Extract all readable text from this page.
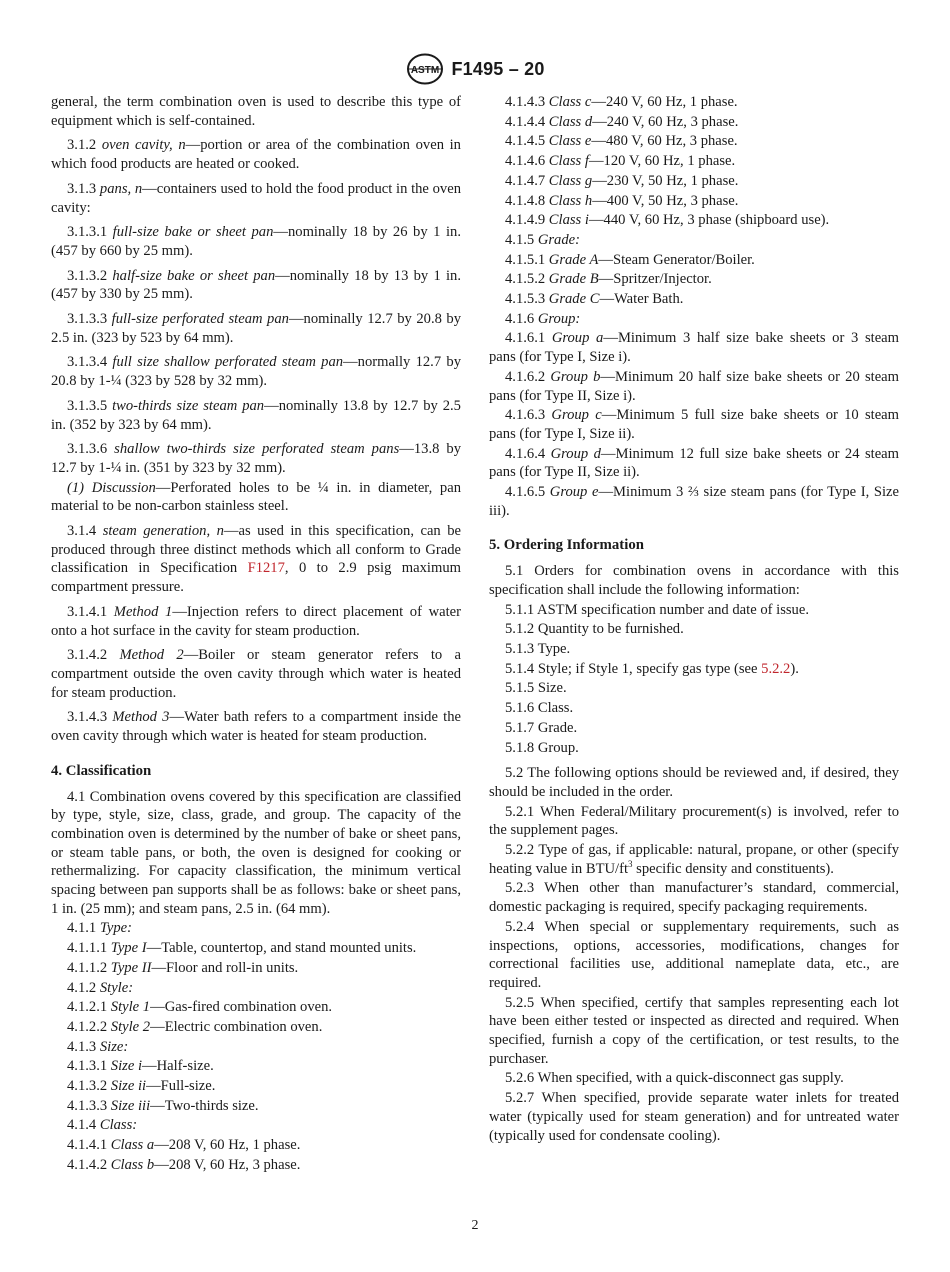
ASTM F1495 – 20

general, the term combination oven is used to describe this type of equipment which is self-contained.

3.1.2 oven cavity, n—portion or area of the combination oven in which food products are heated or cooked.

3.1.3 pans, n—containers used to hold the food product in the oven cavity:

3.1.3.1 full-size bake or sheet pan—nominally 18 by 26 by 1 in. (457 by 660 by 25 mm).

3.1.3.2 half-size bake or sheet pan—nominally 18 by 13 by 1 in. (457 by 330 by 25 mm).

3.1.3.3 full-size perforated steam pan—nominally 12.7 by 20.8 by 2.5 in. (323 by 523 by 64 mm).

3.1.3.4 full size shallow perforated steam pan—normally 12.7 by 20.8 by 1-¼ (323 by 528 by 32 mm).

3.1.3.5 two-thirds size steam pan—nominally 13.8 by 12.7 by 2.5 in. (352 by 323 by 64 mm).

3.1.3.6 shallow two-thirds size perforated steam pans—13.8 by 12.7 by 1-¼ in. (351 by 323 by 32 mm).

(1) Discussion—Perforated holes to be ¼ in. in diameter, pan material to be non-carbon stainless steel.

3.1.4 steam generation, n—as used in this specification, can be produced through three distinct methods which all conform to Grade classification in Specification F1217, 0 to 2.9 psig maximum compartment pressure.

3.1.4.1 Method 1—Injection refers to direct placement of water onto a hot surface in the cavity for steam production.

3.1.4.2 Method 2—Boiler or steam generator refers to a compartment outside the oven cavity through which water is heated for steam production.

3.1.4.3 Method 3—Water bath refers to a compartment inside the oven cavity through which water is heated for steam production.

4. Classification

4.1 Combination ovens covered by this specification are classified by type, style, size, class, grade, and group. The capacity of the combination oven is determined by the number of bake or sheet pans, or steam table pans, or both, the oven is designed for cooking or rethermalizing. For capacity classification, the minimum vertical spacing between pan supports shall be as follows: bake or sheet pans, 1 in. (25 mm); and steam pans, 2.5 in. (64 mm).

4.1.1 Type:
4.1.1.1 Type I—Table, countertop, and stand mounted units.
4.1.1.2 Type II—Floor and roll-in units.
4.1.2 Style:
4.1.2.1 Style 1—Gas-fired combination oven.
4.1.2.2 Style 2—Electric combination oven.
4.1.3 Size:
4.1.3.1 Size i—Half-size.
4.1.3.2 Size ii—Full-size.
4.1.3.3 Size iii—Two-thirds size.
4.1.4 Class:
4.1.4.1 Class a—208 V, 60 Hz, 1 phase.
4.1.4.2 Class b—208 V, 60 Hz, 3 phase.
4.1.4.3 Class c—240 V, 60 Hz, 1 phase.
4.1.4.4 Class d—240 V, 60 Hz, 3 phase.
4.1.4.5 Class e—480 V, 60 Hz, 3 phase.
4.1.4.6 Class f—120 V, 60 Hz, 1 phase.
4.1.4.7 Class g—230 V, 50 Hz, 1 phase.
4.1.4.8 Class h—400 V, 50 Hz, 3 phase.
4.1.4.9 Class i—440 V, 60 Hz, 3 phase (shipboard use).
4.1.5 Grade:
4.1.5.1 Grade A—Steam Generator/Boiler.
4.1.5.2 Grade B—Spritzer/Injector.
4.1.5.3 Grade C—Water Bath.
4.1.6 Group:

4.1.6.1 Group a—Minimum 3 half size bake sheets or 3 steam pans (for Type I, Size i).

4.1.6.2 Group b—Minimum 20 half size bake sheets or 20 steam pans (for Type II, Size i).

4.1.6.3 Group c—Minimum 5 full size bake sheets or 10 steam pans (for Type I, Size ii).

4.1.6.4 Group d—Minimum 12 full size bake sheets or 24 steam pans (for Type II, Size ii).

4.1.6.5 Group e—Minimum 3 ⅔ size steam pans (for Type I, Size iii).

5. Ordering Information

5.1 Orders for combination ovens in accordance with this specification shall include the following information:

5.1.1 ASTM specification number and date of issue.
5.1.2 Quantity to be furnished.
5.1.3 Type.
5.1.4 Style; if Style 1, specify gas type (see 5.2.2).
5.1.5 Size.
5.1.6 Class.
5.1.7 Grade.
5.1.8 Group.

5.2 The following options should be reviewed and, if desired, they should be included in the order.

5.2.1 When Federal/Military procurement(s) is involved, refer to the supplement pages.

5.2.2 Type of gas, if applicable: natural, propane, or other (specify heating value in BTU/$ft^3$ specific density and constituents).

5.2.3 When other than manufacturer’s standard, commercial, domestic packaging is required, specify packaging requirements.

5.2.4 When special or supplementary requirements, such as inspections, options, accessories, modifications, changes for correctional facilities use, additional nameplate data, etc., are required.

5.2.5 When specified, certify that samples representing each lot have been either tested or inspected as directed and required. When specified, furnish a copy of the certification, or test results, to the purchaser.

5.2.6 When specified, with a quick-disconnect gas supply.

5.2.7 When specified, provide separate water inlets for treated water (typically used for steam generation) and for untreated water (typically used for condensate cooling).

2
